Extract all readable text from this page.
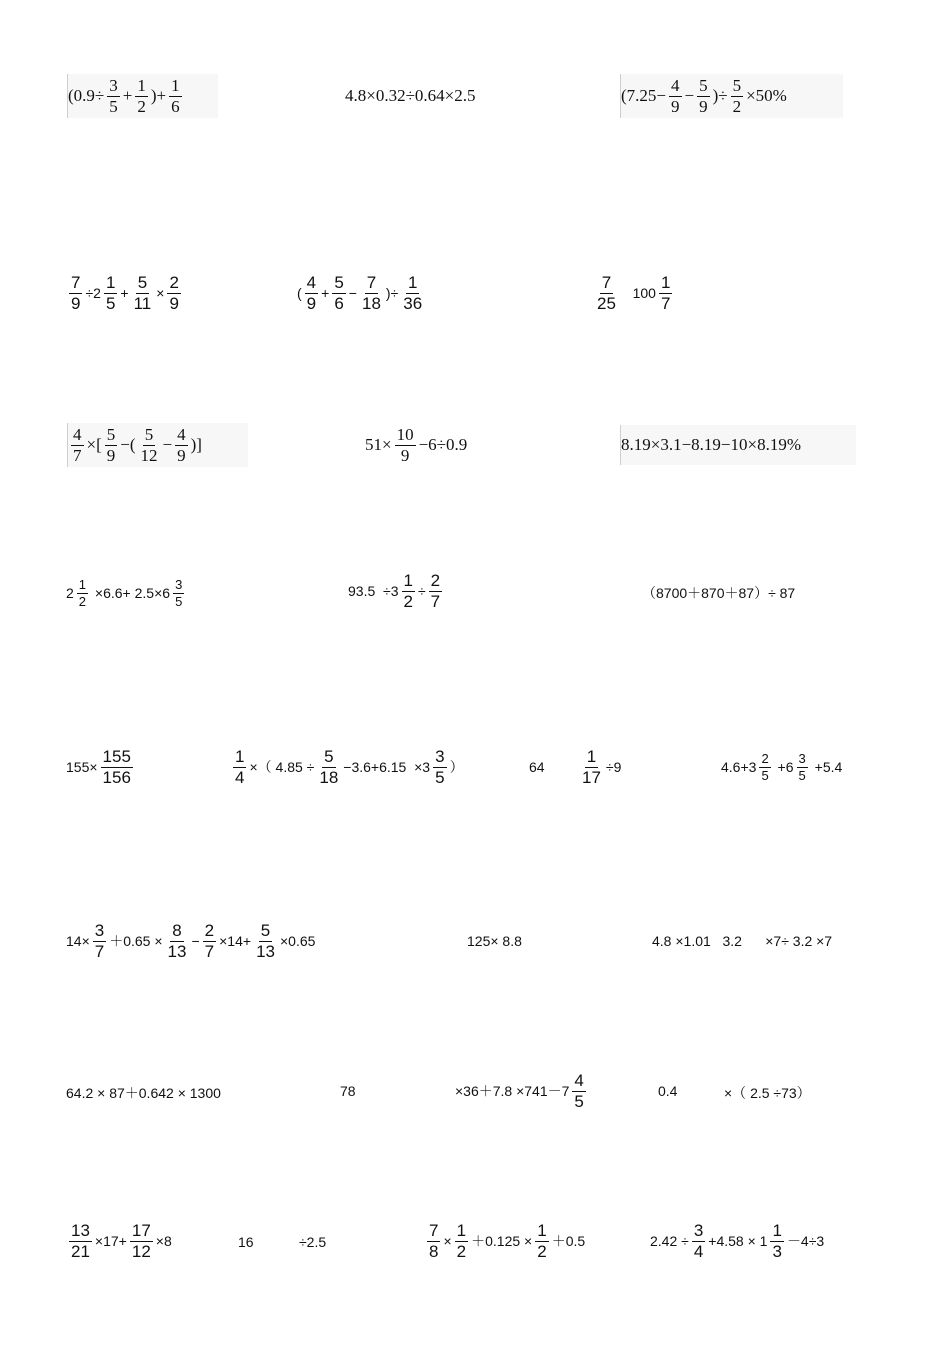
($0.9\div \frac{3}{5} + \frac{1}{2}$ )+ $\frac{1}{6}$	4.8×0.32÷0.64×2.5	($7.25- \frac{4}{9} - \frac{5}{9}$ )÷ $\frac{5}{2} \times 50\%$
$\frac{7}{9} \div 2 \frac{1}{5} + \frac{5}{11} \times \frac{2}{9}$	( $\frac{4}{9} + \frac{5}{6} - \frac{7}{18}$ )÷ $\frac{1}{36}$	$\frac{7}{25} 100 \frac{1}{7}$
$\frac{4}{7}$ ×[ $\frac{5}{9}$ −( $\frac{5}{12} - \frac{4}{9}$ )]	$51\times \frac{10}{9} -6\div 0.9$	8.19×3.1−8.19−10×8.19%
$2 \frac{1}{2} \times 6.6+ 2.5\times 6 \frac{3}{5}$	$93.5 \div 3 \frac{1}{2} \div \frac{2}{7}$	（8700＋870＋87）÷ 87
$155\times \frac{155}{156}$	$\frac{1}{4}$ ×（ $4.85 \div \frac{5}{18} -3.6+6.15 \times 3 \frac{3}{5}$ ）	$64 \frac{1}{17} \div 9$	$4.6+3 \frac{2}{5} +6 \frac{3}{5} +5.4$
$14\times \frac{3}{7} +0.65 \times \frac{8}{13} - \frac{2}{7} \times 14+ \frac{5}{13} \times 0.65$	125× 8.8	4.8 ×1.01   3.2      ×7÷ 3.2 ×7
64.2 × 87＋0.642 × 1300	78	$\times 36+7.8 \times 741-7 \frac{4}{5}$	0.4	×（ 2.5 ÷73）
$\frac{13}{21} \times 17+ \frac{17}{12} \times 8$	16	÷2.5	$\frac{7}{8} \times \frac{1}{2} +0.125 \times \frac{1}{2} +0.5$	$2.42 \div \frac{3}{4} +4.58 \times 1 \frac{1}{3} -4\div 3$
